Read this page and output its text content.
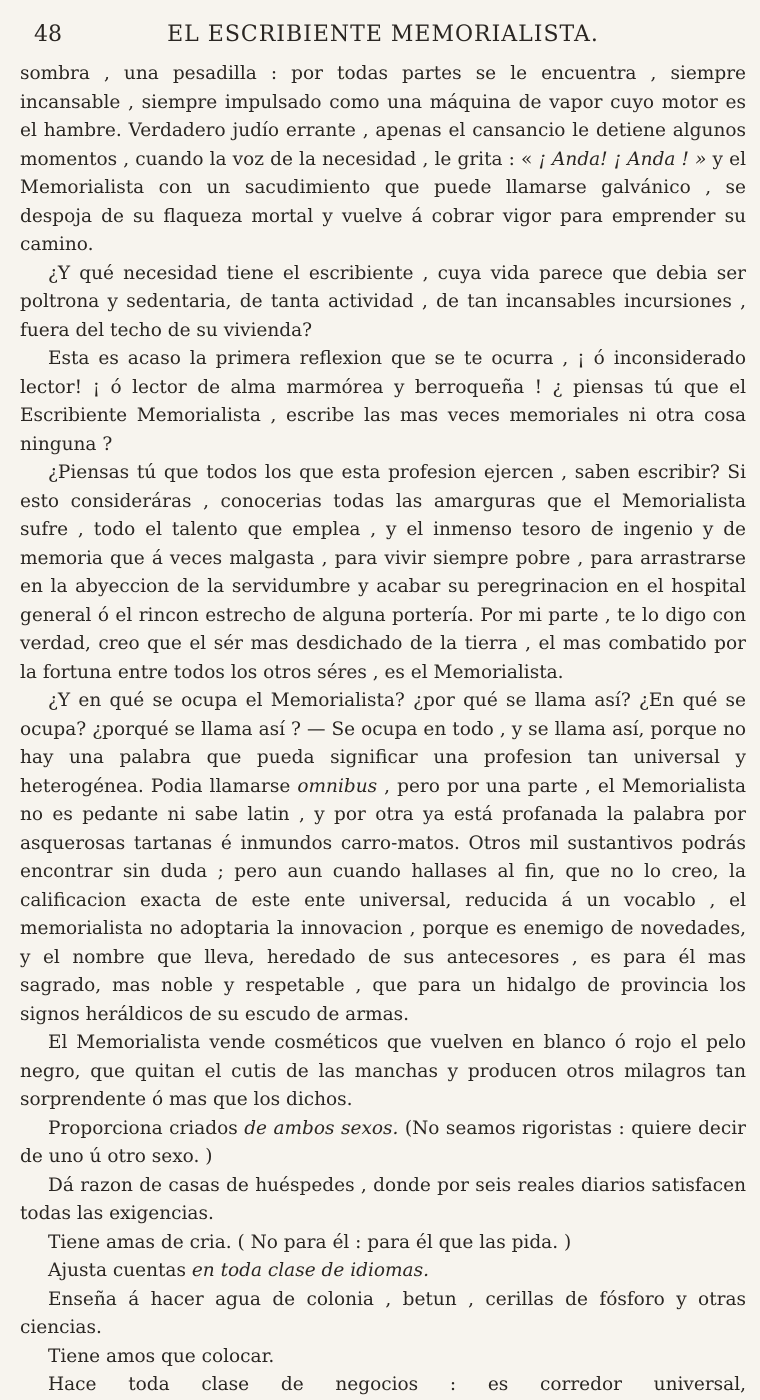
48	EL ESCRIBIENTE MEMORIALISTA.

sombra , una pesadilla : por todas partes se le encuentra , siempre incansable , siempre impulsado como una máquina de vapor cuyo motor es el hambre. Verdadero judío errante , apenas el cansancio le detiene algunos momentos , cuando la voz de la necesidad , le grita : « ¡ Anda! ¡ Anda ! » y el Memorialista con un sacudimiento que puede llamarse galvánico , se despoja de su flaqueza mortal y vuelve á cobrar vigor para emprender su camino.

¿Y qué necesidad tiene el escribiente , cuya vida parece que debia ser poltrona y sedentaria, de tanta actividad , de tan incansables incursiones , fuera del techo de su vivienda?

Esta es acaso la primera reflexion que se te ocurra , ¡ ó inconsiderado lector! ¡ ó lector de alma marmórea y berroqueña ! ¿ piensas tú que el Escribiente Memorialista , escribe las mas veces memoriales ni otra cosa ninguna ?

¿Piensas tú que todos los que esta profesion ejercen , saben escribir? Si esto consideráras , conocerias todas las amarguras que el Memorialista sufre , todo el talento que emplea , y el inmenso tesoro de ingenio y de memoria que á veces malgasta , para vivir siempre pobre , para arrastrarse en la abyeccion de la servidumbre y acabar su peregrinacion en el hospital general ó el rincon estrecho de alguna portería. Por mi parte , te lo digo con verdad, creo que el sér mas desdichado de la tierra , el mas combatido por la fortuna entre todos los otros séres , es el Memorialista.

¿Y en qué se ocupa el Memorialista? ¿por qué se llama así? ¿En qué se ocupa? ¿porqué se llama así ? — Se ocupa en todo , y se llama así, porque no hay una palabra que pueda significar una profesion tan universal y heterogénea. Podia llamarse omnibus , pero por una parte , el Memorialista no es pedante ni sabe latin , y por otra ya está profanada la palabra por asquerosas tartanas é inmundos carro-matos. Otros mil sustantivos podrás encontrar sin duda ; pero aun cuando hallases al fin, que no lo creo, la calificacion exacta de este ente universal, reducida á un vocablo , el memorialista no adoptaria la innovacion , porque es enemigo de novedades, y el nombre que lleva, heredado de sus antecesores , es para él mas sagrado, mas noble y respetable , que para un hidalgo de provincia los signos heráldicos de su escudo de armas.

El Memorialista vende cosméticos que vuelven en blanco ó rojo el pelo negro, que quitan el cutis de las manchas y producen otros milagros tan sorprendente ó mas que los dichos.

Proporciona criados de ambos sexos. (No seamos rigoristas : quiere decir de uno ú otro sexo. )

Dá razon de casas de huéspedes , donde por seis reales diarios satisfacen todas las exigencias.

Tiene amas de cria. ( No para él : para él que las pida. )

Ajusta cuentas en toda clase de idiomas.

Enseña á hacer agua de colonia , betun , cerillas de fósforo y otras ciencias.

Tiene amos que colocar.

Hace toda clase de negocios : es corredor universal,
